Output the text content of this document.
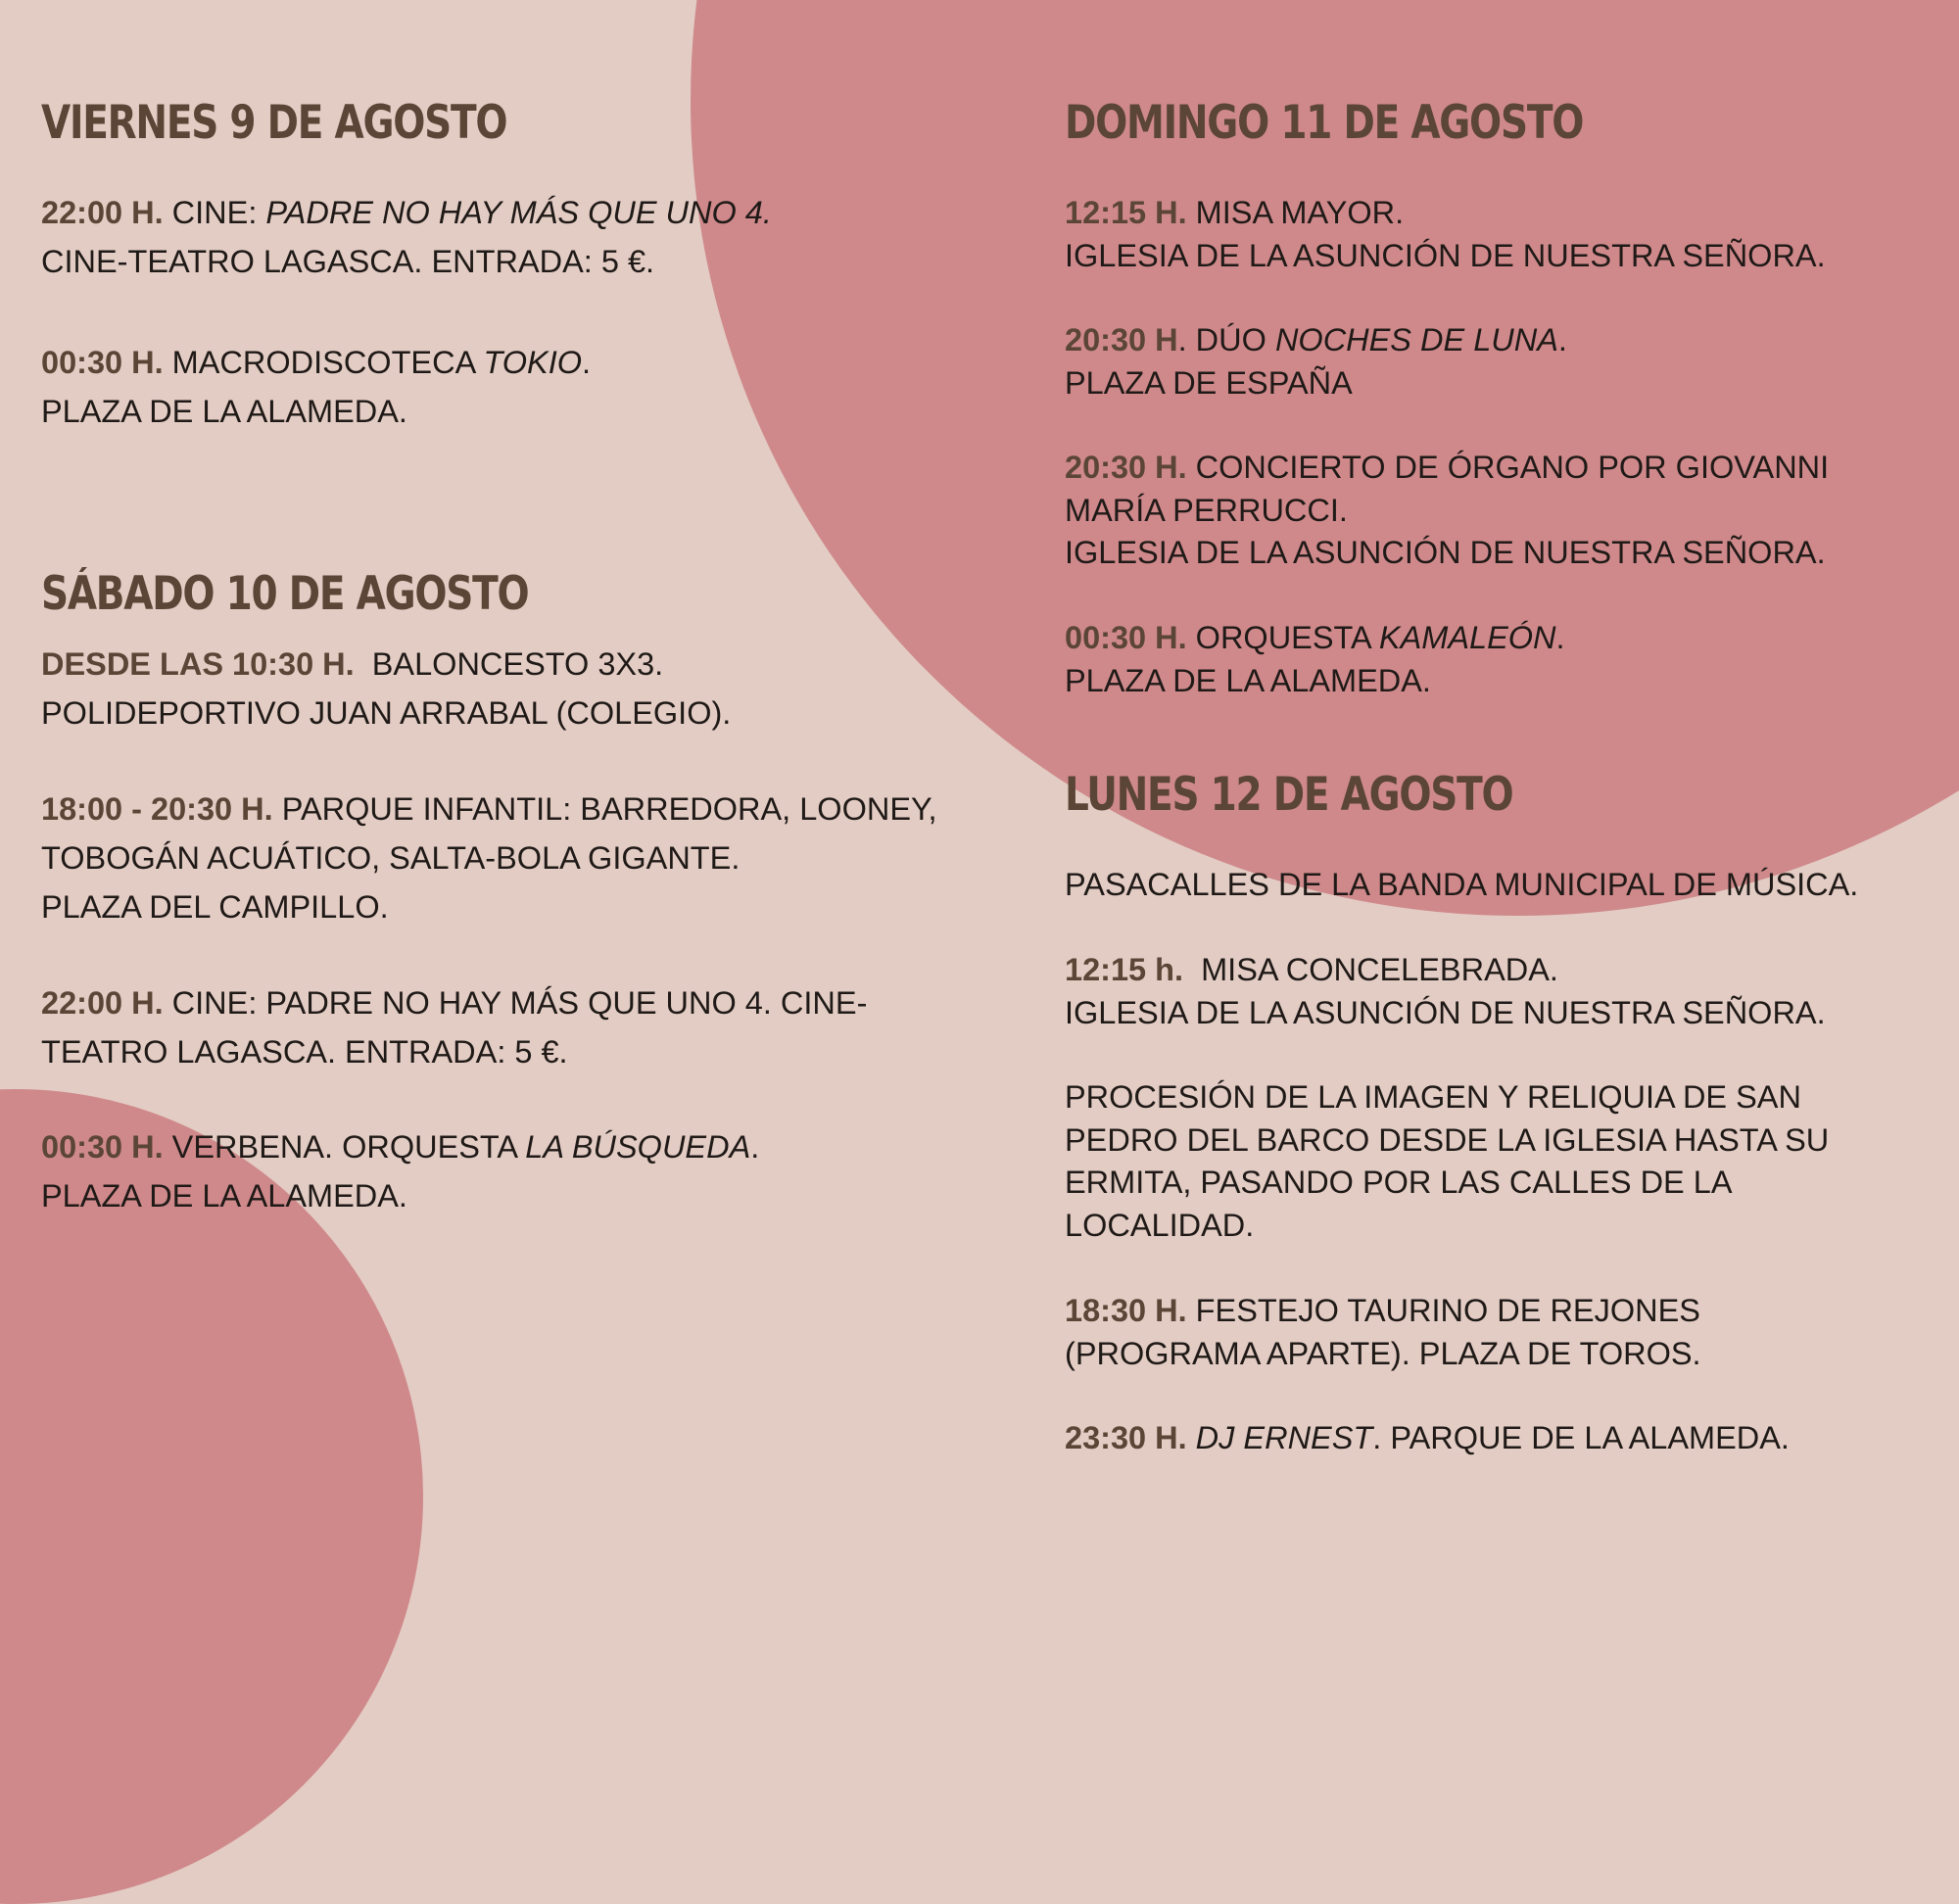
VIERNES 9 DE AGOSTO
22:00 H. CINE: PADRE NO HAY MÁS QUE UNO 4.
CINE-TEATRO LAGASCA. ENTRADA: 5 €.
00:30 H. MACRODISCOTECA TOKIO.
PLAZA DE LA ALAMEDA.
SÁBADO 10 DE AGOSTO
DESDE LAS 10:30 H.  BALONCESTO 3X3.
POLIDEPORTIVO JUAN ARRABAL (COLEGIO).
18:00 - 20:30 H. PARQUE INFANTIL: BARREDORA, LOONEY,
TOBOGÁN ACUÁTICO, SALTA-BOLA GIGANTE.
PLAZA DEL CAMPILLO.
22:00 H. CINE: PADRE NO HAY MÁS QUE UNO 4. CINE-
TEATRO LAGASCA. ENTRADA: 5 €.
00:30 H. VERBENA. ORQUESTA LA BÚSQUEDA.
PLAZA DE LA ALAMEDA.
DOMINGO 11 DE AGOSTO
12:15 H. MISA MAYOR.
IGLESIA DE LA ASUNCIÓN DE NUESTRA SEÑORA.
20:30 H. DÚO NOCHES DE LUNA.
PLAZA DE ESPAÑA
20:30 H. CONCIERTO DE ÓRGANO POR GIOVANNI
MARÍA PERRUCCI.
IGLESIA DE LA ASUNCIÓN DE NUESTRA SEÑORA.
00:30 H. ORQUESTA KAMALEÓN.
PLAZA DE LA ALAMEDA.
LUNES 12 DE AGOSTO
PASACALLES DE LA BANDA MUNICIPAL DE MÚSICA.
12:15 h.  MISA CONCELEBRADA.
IGLESIA DE LA ASUNCIÓN DE NUESTRA SEÑORA.
PROCESIÓN DE LA IMAGEN Y RELIQUIA DE SAN
PEDRO DEL BARCO DESDE LA IGLESIA HASTA SU
ERMITA, PASANDO POR LAS CALLES DE LA
LOCALIDAD.
18:30 H. FESTEJO TAURINO DE REJONES
(PROGRAMA APARTE). PLAZA DE TOROS.
23:30 H. DJ ERNEST. PARQUE DE LA ALAMEDA.
